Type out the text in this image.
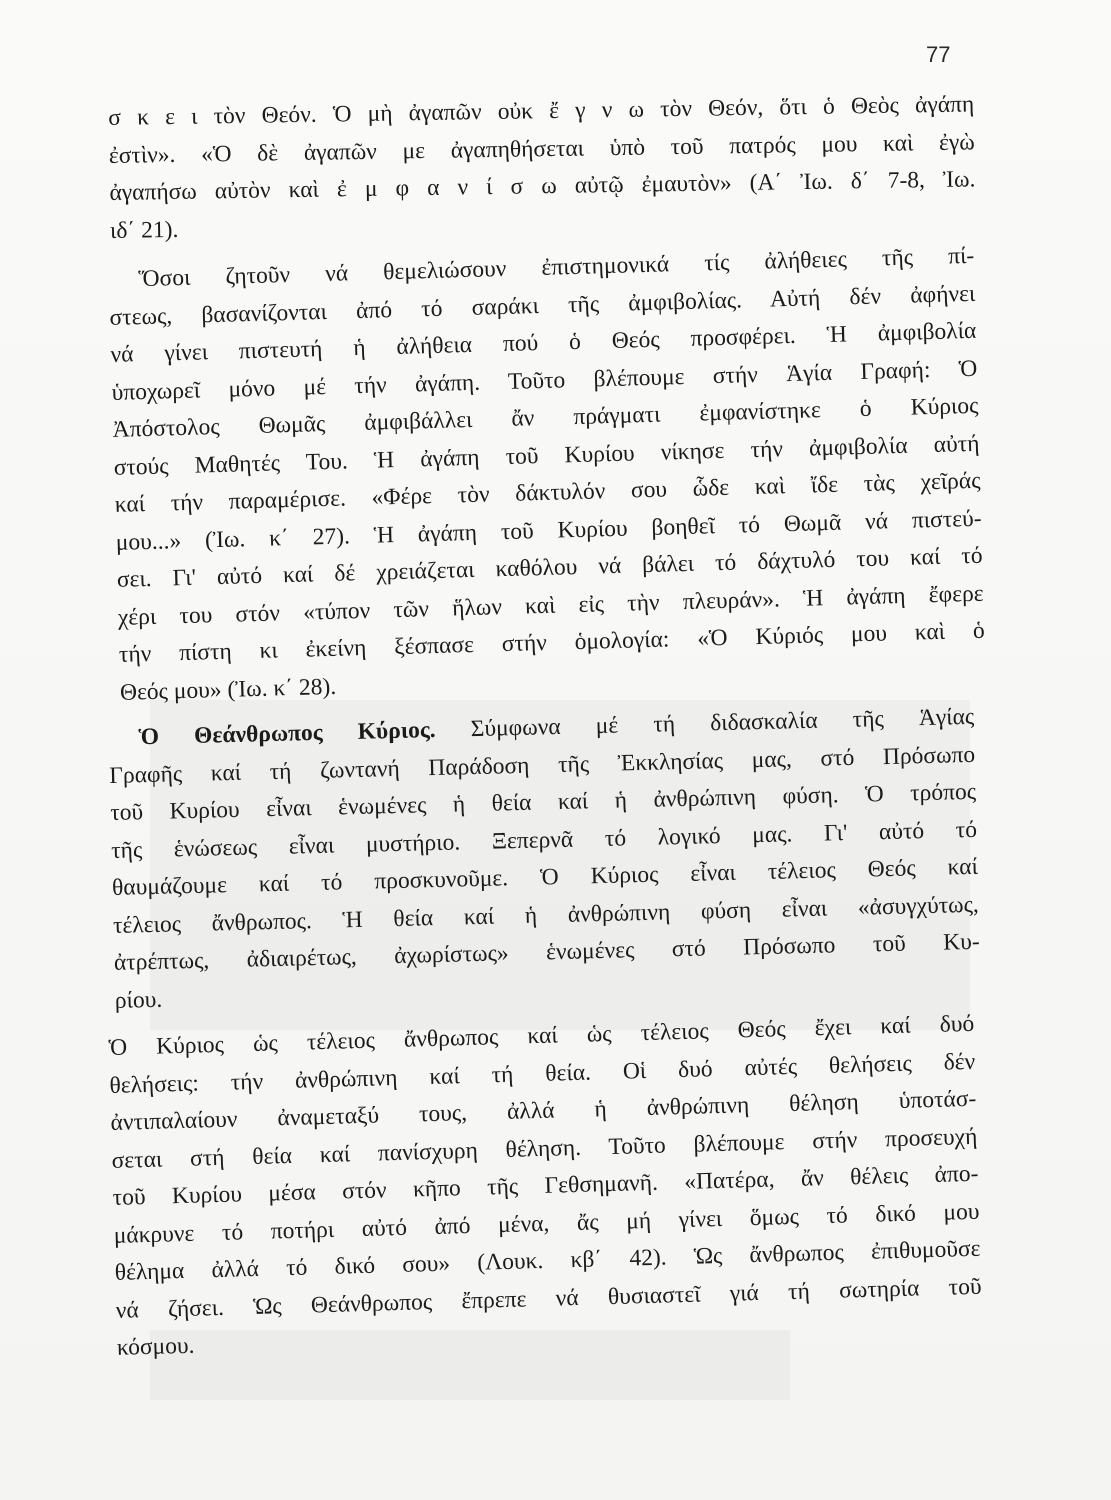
77
σ κ ε ι τὸν Θεόν. Ὁ μὴ ἀγαπῶν οὐκ ἔ γ ν ω τὸν Θεόν, ὅτι ὁ Θεὸς ἀγάπη
ἐστὶν». «Ὁ δὲ ἀγαπῶν με ἀγαπηθήσεται ὑπὸ τοῦ πατρός μου καὶ ἐγὼ
ἀγαπήσω αὐτὸν καὶ ἐ μ φ α ν ί σ ω αὐτῷ ἐμαυτὸν» (Α΄ Ἰω. δ΄ 7-8, Ἰω.
ιδ΄ 21).
Ὅσοι ζητοῦν νά θεμελιώσουν ἐπιστημονικά τίς ἀλήθειες τῆς πί-
στεως, βασανίζονται ἀπό τό σαράκι τῆς ἀμφιβολίας. Αὐτή δέν ἀφήνει
νά γίνει πιστευτή ἡ ἀλήθεια πού ὁ Θεός προσφέρει. Ἡ ἀμφιβολία
ὑποχωρεῖ μόνο μέ τήν ἀγάπη. Τοῦτο βλέπουμε στήν Ἁγία Γραφή: Ὁ
Ἀπόστολος Θωμᾶς ἀμφιβάλλει ἄν πράγματι ἐμφανίστηκε ὁ Κύριος
στούς Μαθητές Του. Ἡ ἀγάπη τοῦ Κυρίου νίκησε τήν ἀμφιβολία αὐτή
καί τήν παραμέρισε. «Φέρε τὸν δάκτυλόν σου ὧδε καὶ ἴδε τὰς χεῖράς
μου...» (Ἰω. κ΄ 27). Ἡ ἀγάπη τοῦ Κυρίου βοηθεῖ τό Θωμᾶ νά πιστεύ-
σει. Γι' αὐτό καί δέ χρειάζεται καθόλου νά βάλει τό δάχτυλό του καί τό
χέρι του στόν «τύπον τῶν ἥλων καὶ εἰς τὴν πλευράν». Ἡ ἀγάπη ἔφερε
τήν πίστη κι ἐκείνη ξέσπασε στήν ὁμολογία: «Ὁ Κύριός μου καὶ ὁ
Θεός μου» (Ἰω. κ΄ 28).
Ὁ Θεάνθρωπος Κύριος. Σύμφωνα μέ τή διδασκαλία τῆς Ἁγίας
Γραφῆς καί τή ζωντανή Παράδοση τῆς Ἐκκλησίας μας, στό Πρόσωπο
τοῦ Κυρίου εἶναι ἑνωμένες ἡ θεία καί ἡ ἀνθρώπινη φύση. Ὁ τρόπος
τῆς ἑνώσεως εἶναι μυστήριο. Ξεπερνᾶ τό λογικό μας. Γι' αὐτό τό
θαυμάζουμε καί τό προσκυνοῦμε. Ὁ Κύριος εἶναι τέλειος Θεός καί
τέλειος ἄνθρωπος. Ἡ θεία καί ἡ ἀνθρώπινη φύση εἶναι «ἀσυγχύτως,
ἀτρέπτως, ἀδιαιρέτως, ἀχωρίστως» ἑνωμένες στό Πρόσωπο τοῦ Κυ-
ρίου.
Ὁ Κύριος ὡς τέλειος ἄνθρωπος καί ὡς τέλειος Θεός ἔχει καί δυό
θελήσεις: τήν ἀνθρώπινη καί τή θεία. Οἱ δυό αὐτές θελήσεις δέν
ἀντιπαλαίουν ἀναμεταξύ τους, ἀλλά ἡ ἀνθρώπινη θέληση ὑποτάσ-
σεται στή θεία καί πανίσχυρη θέληση. Τοῦτο βλέπουμε στήν προσευχή
τοῦ Κυρίου μέσα στόν κῆπο τῆς Γεθσημανῆ. «Πατέρα, ἄν θέλεις ἀπο-
μάκρυνε τό ποτήρι αὐτό ἀπό μένα, ἄς μή γίνει ὅμως τό δικό μου
θέλημα ἀλλά τό δικό σου» (Λουκ. κβ΄ 42). Ὡς ἄνθρωπος ἐπιθυμοῦσε
νά ζήσει. Ὡς Θεάνθρωπος ἔπρεπε νά θυσιαστεῖ γιά τή σωτηρία τοῦ
κόσμου.
